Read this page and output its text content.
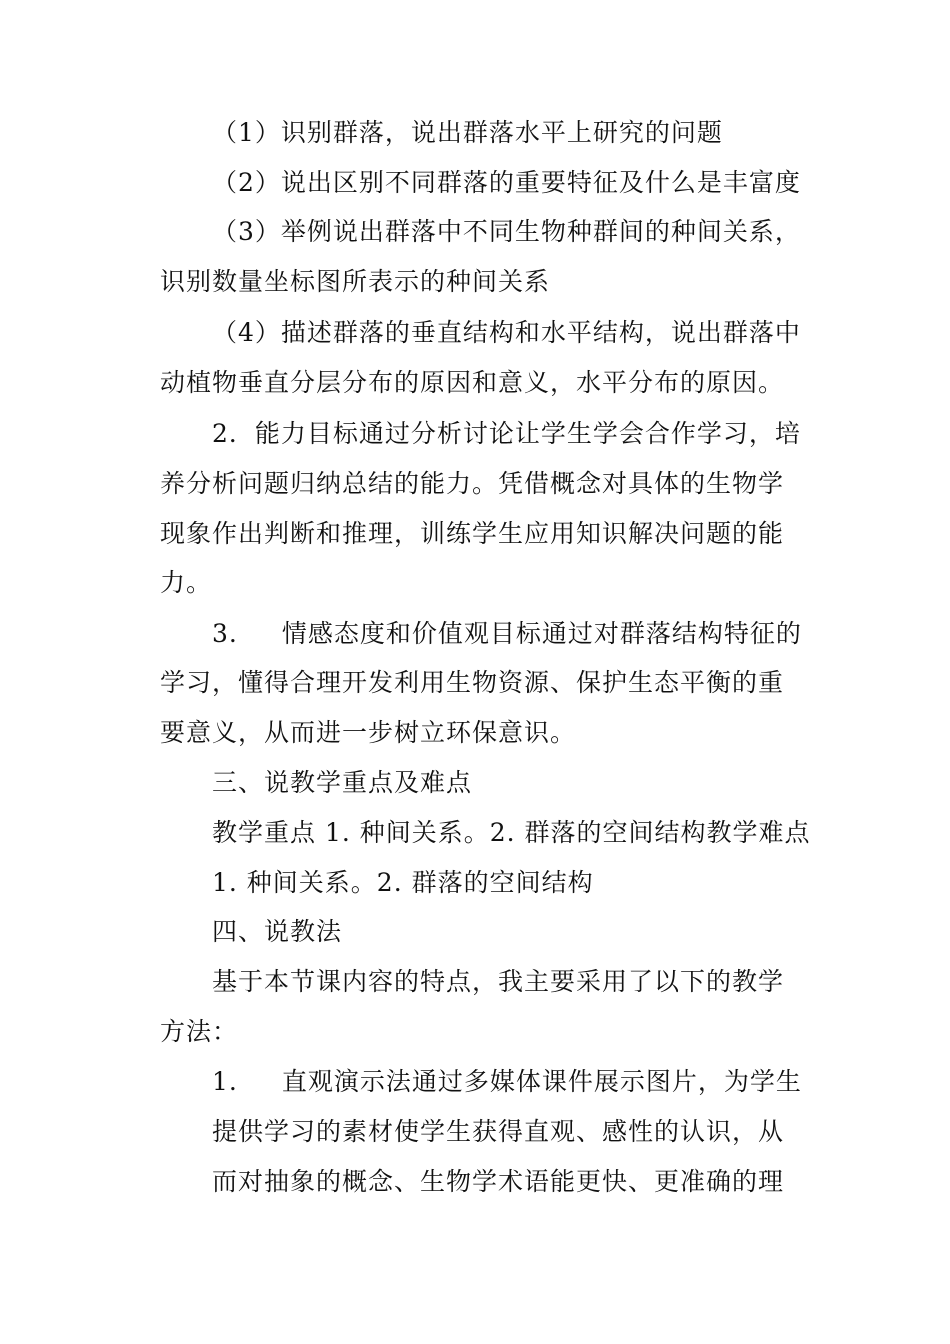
（1）识别群落，说出群落水平上研究的问题
（2）说出区别不同群落的重要特征及什么是丰富度
（3）举例说出群落中不同生物种群间的种间关系，
识别数量坐标图所表示的种间关系
（4）描述群落的垂直结构和水平结构，说出群落中
动植物垂直分层分布的原因和意义，水平分布的原因。
2．能力目标通过分析讨论让学生学会合作学习，培
养分析问题归纳总结的能力。凭借概念对具体的生物学
现象作出判断和推理，训练学生应用知识解决问题的能
力。
3. 情感态度和价值观目标通过对群落结构特征的
学习，懂得合理开发利用生物资源、保护生态平衡的重
要意义，从而进一步树立环保意识。
三、说教学重点及难点
教学重点 1. 种间关系。2. 群落的空间结构教学难点
1. 种间关系。2. 群落的空间结构
四、说教法
基于本节课内容的特点，我主要采用了以下的教学
方法：
1. 直观演示法通过多媒体课件展示图片，为学生
提供学习的素材使学生获得直观、感性的认识，从
而对抽象的概念、生物学术语能更快、更准确的理
